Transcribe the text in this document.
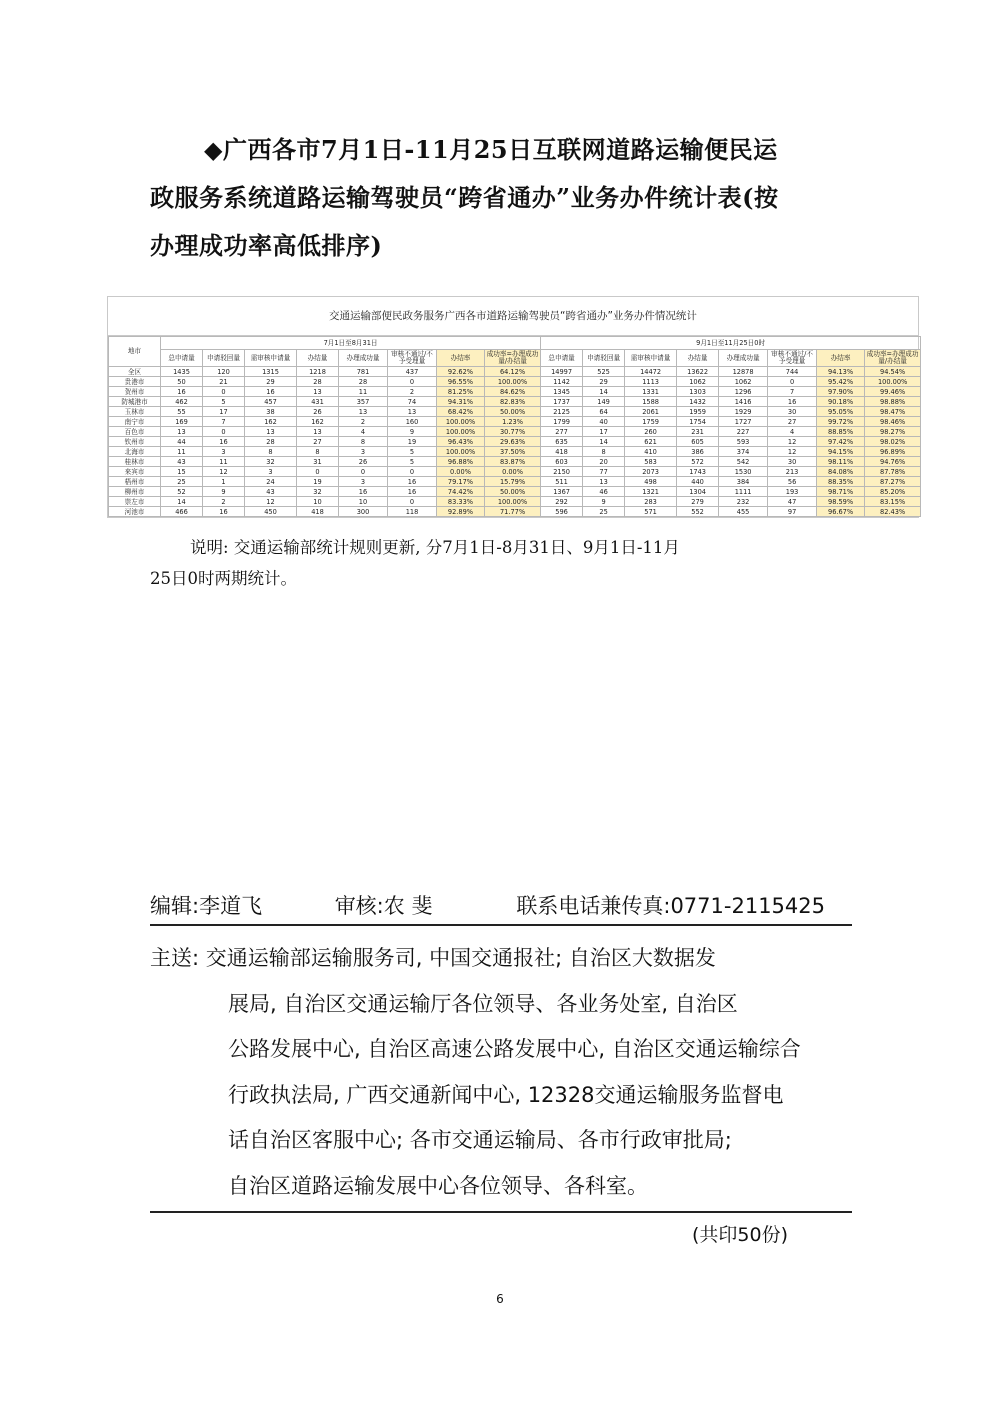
◆广西各市7月1日-11月25日互联网道路运输便民运
政服务系统道路运输驾驶员“跨省通办”业务办件统计表(按
办理成功率高低排序)
交通运输部便民政务服务广西各市道路运输驾驶员“跨省通办”业务办件情况统计
地市	7月1日至8月31日								9月1日至11月25日0时							
	总申请量	申请驳回量	需审核申请量	办结量	办理成功量	审核不通过/不予受理量	办结率	成功率=办理成功量/办结量	总申请量	申请驳回量	需审核申请量	办结量	办理成功量	审核不通过/不予受理量	办结率	成功率=办理成功量/办结量
全区	1435	120	1315	1218	781	437	92.62%	64.12%	14997	525	14472	13622	12878	744	94.13%	94.54%
贵港市	50	21	29	28	28	0	96.55%	100.00%	1142	29	1113	1062	1062	0	95.42%	100.00%
贺州市	16	0	16	13	11	2	81.25%	84.62%	1345	14	1331	1303	1296	7	97.90%	99.46%
防城港市	462	5	457	431	357	74	94.31%	82.83%	1737	149	1588	1432	1416	16	90.18%	98.88%
玉林市	55	17	38	26	13	13	68.42%	50.00%	2125	64	2061	1959	1929	30	95.05%	98.47%
南宁市	169	7	162	162	2	160	100.00%	1.23%	1799	40	1759	1754	1727	27	99.72%	98.46%
百色市	13	0	13	13	4	9	100.00%	30.77%	277	17	260	231	227	4	88.85%	98.27%
钦州市	44	16	28	27	8	19	96.43%	29.63%	635	14	621	605	593	12	97.42%	98.02%
北海市	11	3	8	8	3	5	100.00%	37.50%	418	8	410	386	374	12	94.15%	96.89%
桂林市	43	11	32	31	26	5	96.88%	83.87%	603	20	583	572	542	30	98.11%	94.76%
来宾市	15	12	3	0	0	0	0.00%	0.00%	2150	77	2073	1743	1530	213	84.08%	87.78%
梧州市	25	1	24	19	3	16	79.17%	15.79%	511	13	498	440	384	56	88.35%	87.27%
柳州市	52	9	43	32	16	16	74.42%	50.00%	1367	46	1321	1304	1111	193	98.71%	85.20%
崇左市	14	2	12	10	10	0	83.33%	100.00%	292	9	283	279	232	47	98.59%	83.15%
河池市	466	16	450	418	300	118	92.89%	71.77%	596	25	571	552	455	97	96.67%	82.43%

说明: 交通运输部统计规则更新, 分7月1日-8月31日、9月1日-11月
25日0时两期统计。

编辑:李道飞	审核:农 斐	联系电话兼传真:0771-2115425
主送: 交通运输部运输服务司, 中国交通报社; 自治区大数据发
展局, 自治区交通运输厅各位领导、各业务处室, 自治区
公路发展中心, 自治区高速公路发展中心, 自治区交通运输综合
行政执法局, 广西交通新闻中心, 12328交通运输服务监督电
话自治区客服中心; 各市交通运输局、各市行政审批局;
自治区道路运输发展中心各位领导、各科室。
(共印50份)
6
